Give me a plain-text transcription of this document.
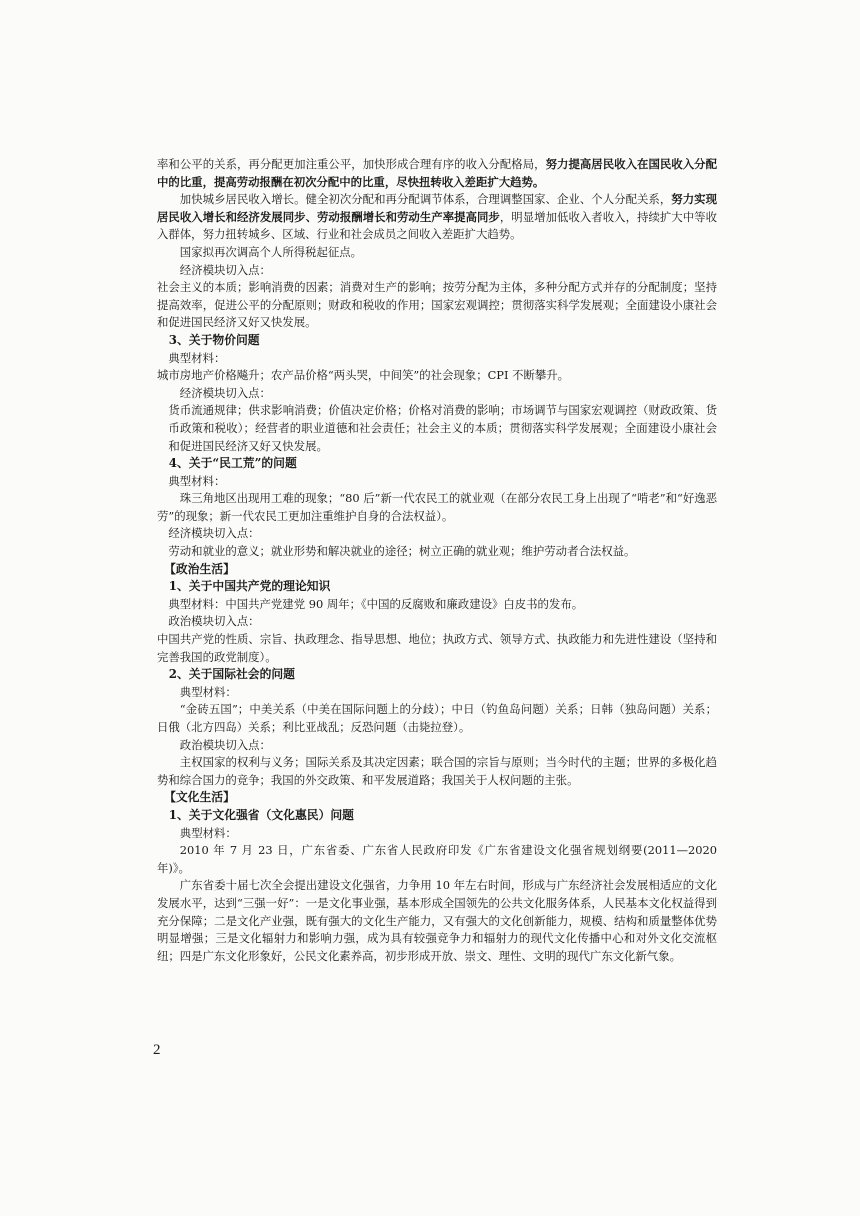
率和公平的关系，再分配更加注重公平，加快形成合理有序的收入分配格局，努力提高居民收入在国民收入分配中的比重，提高劳动报酬在初次分配中的比重，尽快扭转收入差距扩大趋势。

加快城乡居民收入增长。健全初次分配和再分配调节体系，合理调整国家、企业、个人分配关系，努力实现居民收入增长和经济发展同步、劳动报酬增长和劳动生产率提高同步，明显增加低收入者收入，持续扩大中等收入群体，努力扭转城乡、区域、行业和社会成员之间收入差距扩大趋势。

国家拟再次调高个人所得税起征点。

经济模块切入点：

社会主义的本质；影响消费的因素；消费对生产的影响；按劳分配为主体，多种分配方式并存的分配制度；坚持提高效率，促进公平的分配原则；财政和税收的作用；国家宏观调控；贯彻落实科学发展观；全面建设小康社会和促进国民经济又好又快发展。

3、关于物价问题

典型材料：

城市房地产价格飚升；农产品价格“两头哭，中间笑”的社会现象；CPI 不断攀升。

经济模块切入点：

货币流通规律；供求影响消费；价值决定价格；价格对消费的影响；市场调节与国家宏观调控（财政政策、货币政策和税收）；经营者的职业道德和社会责任；社会主义的本质；贯彻落实科学发展观；全面建设小康社会和促进国民经济又好又快发展。

4、关于“民工荒”的问题

典型材料：

珠三角地区出现用工难的现象；“80 后”新一代农民工的就业观（在部分农民工身上出现了“啃老”和“好逸恶劳”的现象；新一代农民工更加注重维护自身的合法权益）。

经济模块切入点：

劳动和就业的意义；就业形势和解决就业的途径；树立正确的就业观；维护劳动者合法权益。

【政治生活】

1、关于中国共产党的理论知识

典型材料：中国共产党建党 90 周年；《中国的反腐败和廉政建设》白皮书的发布。

政治模块切入点：

中国共产党的性质、宗旨、执政理念、指导思想、地位；执政方式、领导方式、执政能力和先进性建设（坚持和完善我国的政党制度）。

2、关于国际社会的问题

典型材料：

“金砖五国”；中美关系（中美在国际问题上的分歧）；中日（钓鱼岛问题）关系；日韩（独岛问题）关系；日俄（北方四岛）关系；利比亚战乱；反恐问题（击毙拉登）。

政治模块切入点：

主权国家的权利与义务；国际关系及其决定因素；联合国的宗旨与原则；当今时代的主题；世界的多极化趋势和综合国力的竞争；我国的外交政策、和平发展道路；我国关于人权问题的主张。

【文化生活】

1、关于文化强省（文化惠民）问题

典型材料：

2010 年 7 月 23 日，广东省委、广东省人民政府印发《广东省建设文化强省规划纲要(2011—2020 年)》。

广东省委十届七次全会提出建设文化强省，力争用 10 年左右时间，形成与广东经济社会发展相适应的文化发展水平，达到“三强一好”：一是文化事业强，基本形成全国领先的公共文化服务体系，人民基本文化权益得到充分保障；二是文化产业强，既有强大的文化生产能力，又有强大的文化创新能力，规模、结构和质量整体优势明显增强；三是文化辐射力和影响力强，成为具有较强竞争力和辐射力的现代文化传播中心和对外文化交流枢纽；四是广东文化形象好，公民文化素养高，初步形成开放、崇文、理性、文明的现代广东文化新气象。

2
